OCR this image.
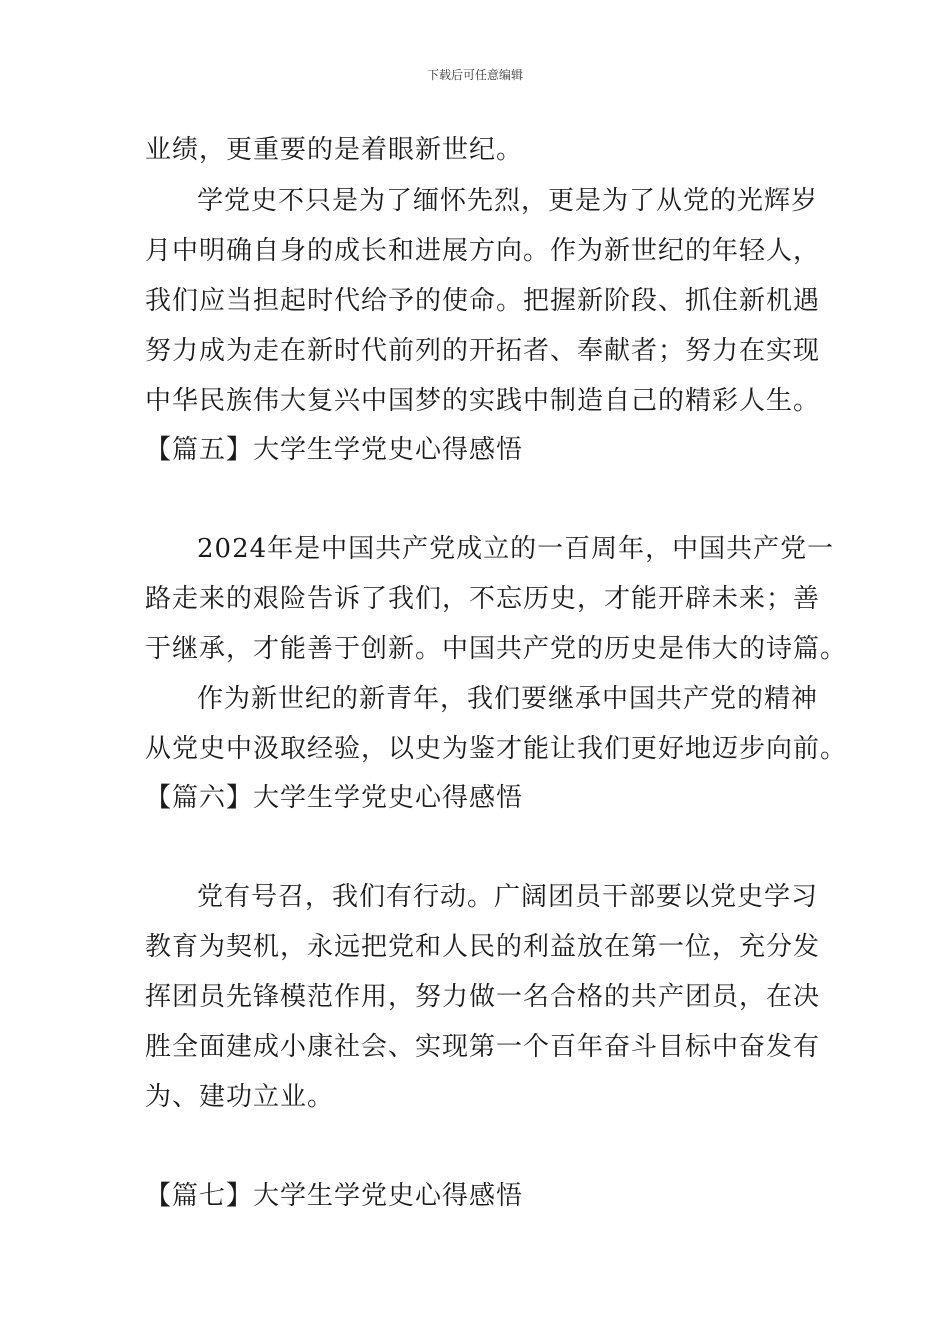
下载后可任意编辑
业绩，更重要的是着眼新世纪。
学党史不只是为了缅怀先烈，更是为了从党的光辉岁
月中明确自身的成长和进展方向。作为新世纪的年轻人，
我们应当担起时代给予的使命。把握新阶段、抓住新机遇
努力成为走在新时代前列的开拓者、奉献者；努力在实现
中华民族伟大复兴中国梦的实践中制造自己的精彩人生。
【篇五】大学生学党史心得感悟
2024年是中国共产党成立的一百周年，中国共产党一
路走来的艰险告诉了我们，不忘历史，才能开辟未来；善
于继承，才能善于创新。中国共产党的历史是伟大的诗篇。
作为新世纪的新青年，我们要继承中国共产党的精神
从党史中汲取经验，以史为鉴才能让我们更好地迈步向前。
【篇六】大学生学党史心得感悟
党有号召，我们有行动。广阔团员干部要以党史学习
教育为契机，永远把党和人民的利益放在第一位，充分发
挥团员先锋模范作用，努力做一名合格的共产团员，在决
胜全面建成小康社会、实现第一个百年奋斗目标中奋发有
为、建功立业。
【篇七】大学生学党史心得感悟
